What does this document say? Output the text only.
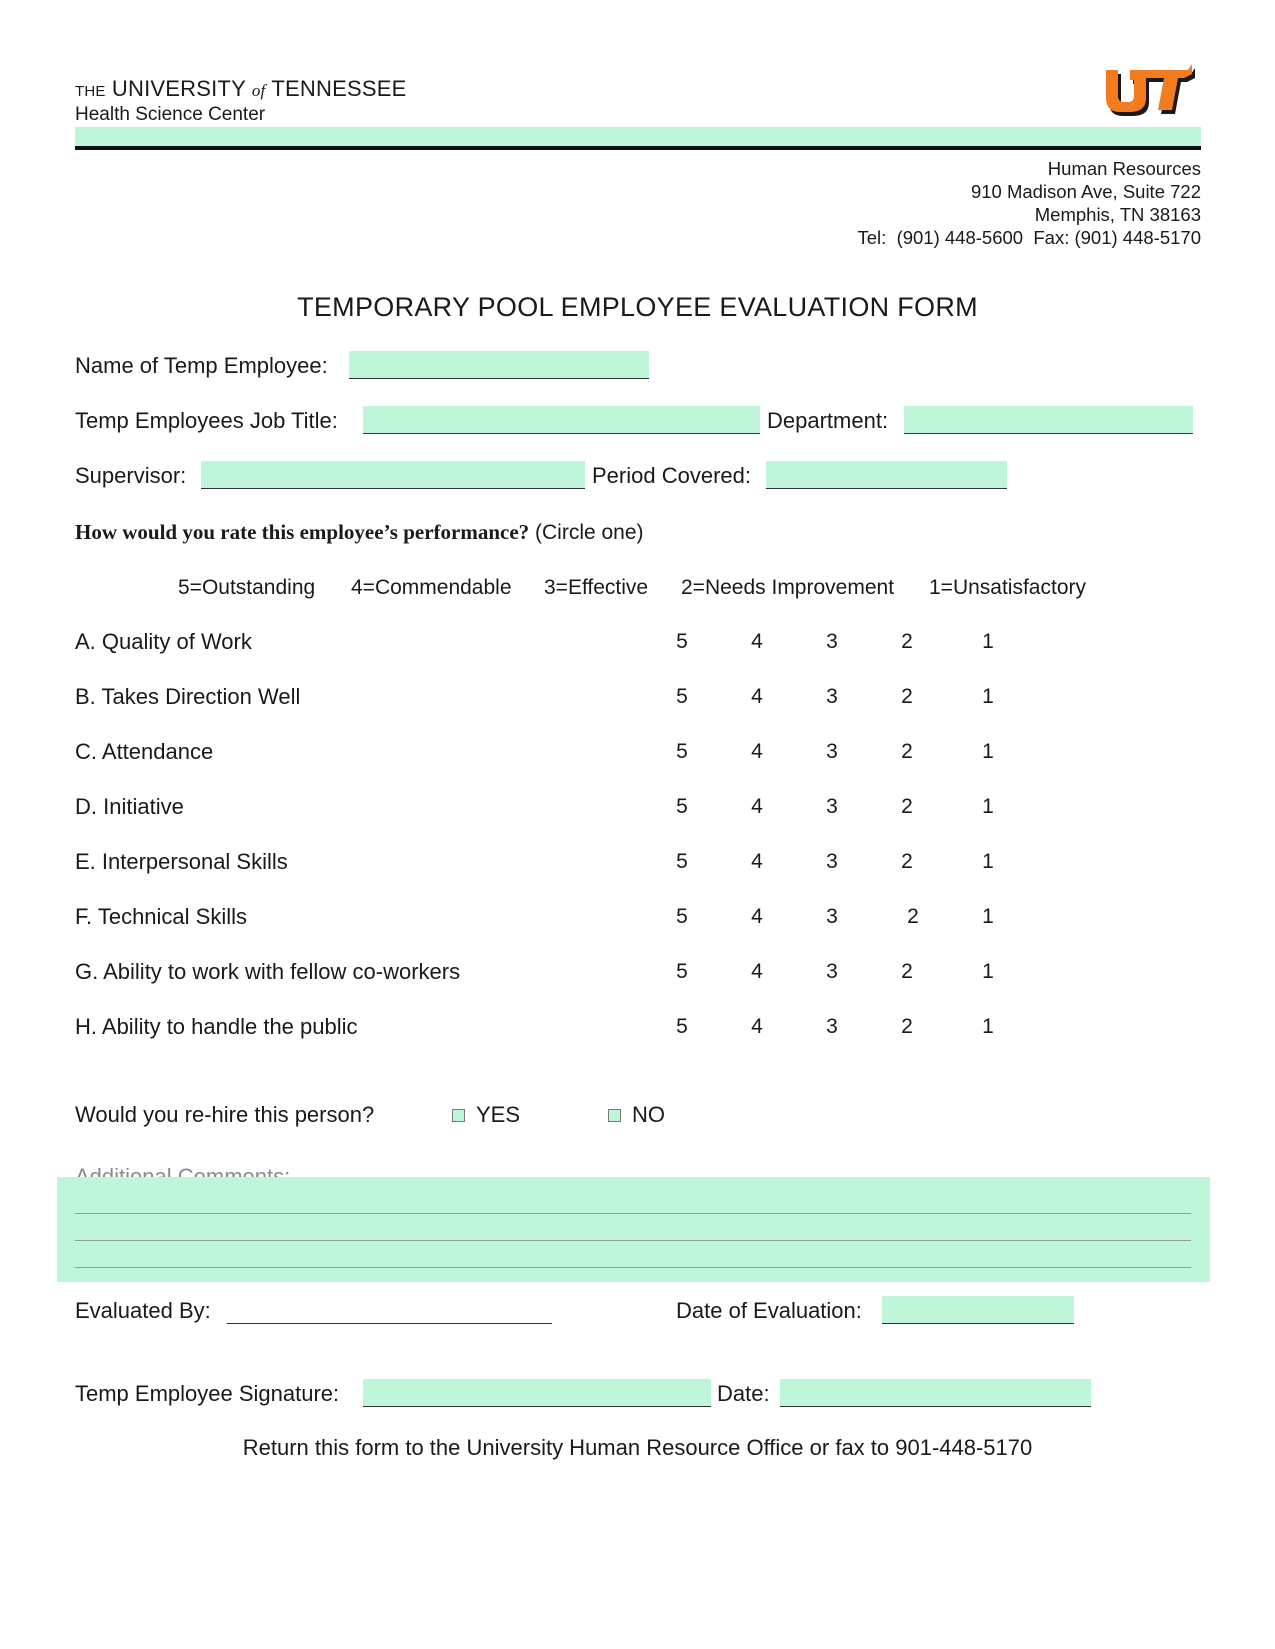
THE UNIVERSITY of TENNESSEE
Health Science Center
Human Resources
910 Madison Ave, Suite 722
Memphis, TN 38163
Tel:  (901) 448-5600  Fax: (901) 448-5170
TEMPORARY POOL EMPLOYEE EVALUATION FORM
Name of Temp Employee:
Temp Employees Job Title:	Department:
Supervisor:	Period Covered:
How would you rate this employee’s performance? (Circle one)
5=Outstanding 4=Commendable 3=Effective 2=Needs Improvement 1=Unsatisfactory
A. Quality of Work	5	4	3	2	1
B. Takes Direction Well	5	4	3	2	1
C. Attendance	5	4	3	2	1
D. Initiative	5	4	3	2	1
E. Interpersonal Skills	5	4	3	2	1
F. Technical Skills	5	4	3	2	1
G. Ability to work with fellow co-workers	5	4	3	2	1
H. Ability to handle the public	5	4	3	2	1
Would you re-hire this person?	YES	NO
Evaluated By:	Date of Evaluation:
Temp Employee Signature:	Date:
Return this form to the University Human Resource Office or fax to 901-448-5170
